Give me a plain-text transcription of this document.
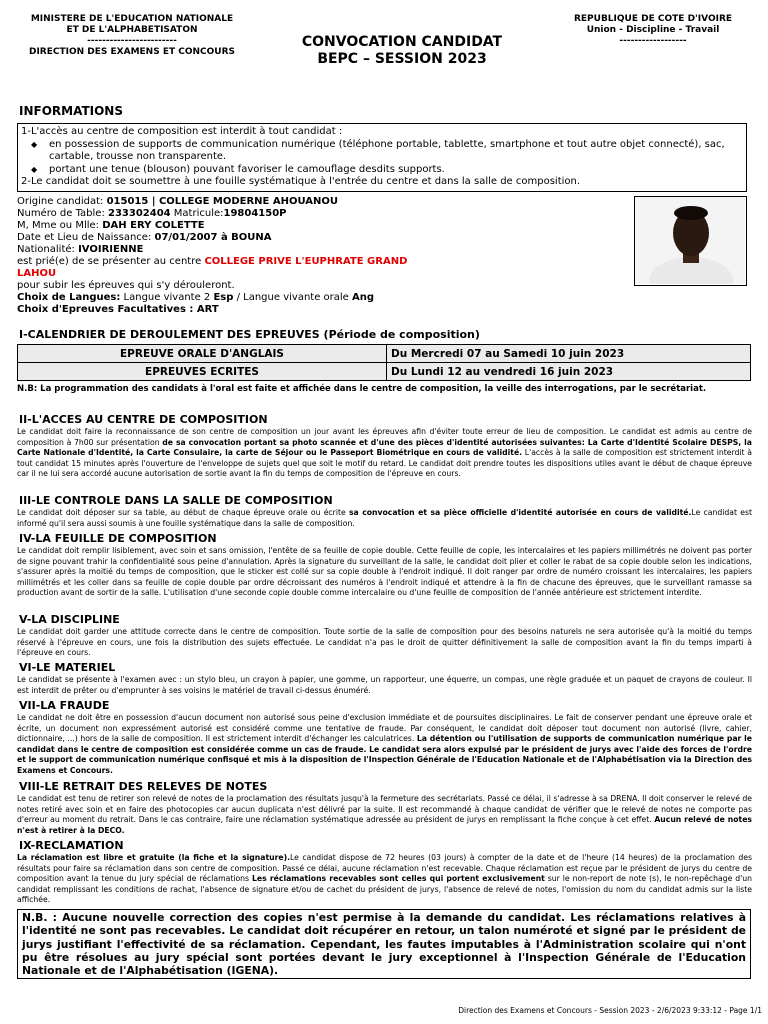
MINISTERE DE L'EDUCATION NATIONALE
ET DE L'ALPHABETISATON
------------------------
DIRECTION DES EXAMENS ET CONCOURS
CONVOCATION CANDIDAT
BEPC – SESSION 2023
REPUBLIQUE DE COTE D'IVOIRE
Union - Discipline - Travail
------------------
INFORMATIONS
1-L'accès au centre de composition est interdit à tout candidat :
◆ en possession de supports de communication numérique (téléphone portable, tablette, smartphone et tout autre objet connecté), sac, cartable, trousse non transparente.
◆ portant une tenue (blouson) pouvant favoriser le camouflage desdits supports.
2-Le candidat doit se soumettre à une fouille systématique à l'entrée du centre et dans la salle de composition.
Origine candidat: 015015 | COLLEGE MODERNE AHOUANOU
Numéro de Table: 233302404 Matricule:19804150P
M, Mme ou Mlle: DAH ERY COLETTE
Date et Lieu de Naissance: 07/01/2007 à BOUNA
Nationalité: IVOIRIENNE
est prié(e) de se présenter au centre COLLEGE PRIVE L'EUPHRATE GRAND LAHOU
pour subir les épreuves qui s'y dérouleront.
Choix de Langues: Langue vivante 2 Esp / Langue vivante orale Ang
Choix d'Epreuves Facultatives : ART
I-CALENDRIER DE DEROULEMENT DES EPREUVES (Période de composition)
EPREUVE ORALE D'ANGLAIS	Du Mercredi 07 au Samedi 10 juin 2023
EPREUVES ECRITES	Du Lundi 12 au vendredi 16 juin 2023
N.B: La programmation des candidats à l'oral est faite et affichée dans le centre de composition, la veille des interrogations, par le secrétariat.
II-L'ACCES AU CENTRE DE COMPOSITION
Le candidat doit faire la reconnaissance de son centre de composition un jour avant les épreuves afin d'éviter toute erreur de lieu de composition. Le candidat est admis au centre de composition à 7h00 sur présentation de sa convocation portant sa photo scannée et d'une des pièces d'identité autorisées suivantes: La Carte d'Identité Scolaire DESPS, la Carte Nationale d'Identité, la Carte Consulaire, la carte de Séjour ou le Passeport Biométrique en cours de validité. L'accès à la salle de composition est strictement interdit à tout candidat 15 minutes après l'ouverture de l'enveloppe de sujets quel que soit le motif du retard. Le candidat doit prendre toutes les dispositions utiles avant le début de chaque épreuve car il ne lui sera accordé aucune autorisation de sortie avant la fin du temps de composition de l'épreuve en cours.
III-LE CONTROLE DANS LA SALLE DE COMPOSITION
Le candidat doit déposer sur sa table, au début de chaque épreuve orale ou écrite sa convocation et sa pièce officielle d'identité autorisée en cours de validité.Le candidat est informé qu'il sera aussi soumis à une fouille systématique dans la salle de composition.
IV-LA FEUILLE DE COMPOSITION
Le candidat doit remplir lisiblement, avec soin et sans omission, l'entête de sa feuille de copie double. Cette feuille de copie, les intercalaires et les papiers millimétrés ne doivent pas porter de signe pouvant trahir la confidentialité sous peine d'annulation. Après la signature du surveillant de la salle, le candidat doit plier et coller le rabat de sa copie double selon les indications, s'assurer après la moitié du temps de composition, que le sticker est collé sur sa copie double à l'endroit indiqué. Il doit ranger par ordre de numéro croissant les intercalaires, les papiers millimétrés et les coller dans sa feuille de copie double par ordre décroissant des numéros à l'endroit indiqué et attendre à la fin de chacune des épreuves, que le surveillant ramasse sa production avant de sortir de la salle. L'utilisation d'une seconde copie double comme intercalaire ou d'une feuille de composition de l'année antérieure est strictement interdite.
V-LA DISCIPLINE
Le candidat doit garder une attitude correcte dans le centre de composition. Toute sortie de la salle de composition pour des besoins naturels ne sera autorisée qu'à la moitié du temps réservé à l'épreuve en cours, une fois la distribution des sujets effectuée. Le candidat n'a pas le droit de quitter définitivement la salle de composition avant la fin du temps imparti à l'épreuve en cours.
VI-LE MATERIEL
Le candidat se présente à l'examen avec : un stylo bleu, un crayon à papier, une gomme, un rapporteur, une équerre, un compas, une règle graduée et un paquet de crayons de couleur. Il est interdit de prêter ou d'emprunter à ses voisins le matériel de travail ci-dessus énuméré.
VII-LA FRAUDE
Le candidat ne doit être en possession d'aucun document non autorisé sous peine d'exclusion immédiate et de poursuites disciplinaires. Le fait de conserver pendant une épreuve orale et écrite, un document non expressément autorisé est considéré comme une tentative de fraude. Par conséquent, le candidat doit déposer tout document non autorisé (livre, cahier, dictionnaire, ...) hors de la salle de composition. Il est strictement interdit d'échanger les calculatrices. La détention ou l'utilisation de supports de communication numérique par le candidat dans le centre de composition est considérée comme un cas de fraude. Le candidat sera alors expulsé par le président de jurys avec l'aide des forces de l'ordre et le support de communication numérique confisqué et mis à la disposition de l'Inspection Générale de l'Education Nationale et de l'Alphabétisation via la Direction des Examens et Concours.
VIII-LE RETRAIT DES RELEVES DE NOTES
Le candidat est tenu de retirer son relevé de notes de la proclamation des résultats jusqu'à la fermeture des secrétariats. Passé ce délai, il s'adresse à sa DRENA. Il doit conserver le relevé de notes retiré avec soin et en faire des photocopies car aucun duplicata n'est délivré par la suite. Il est recommandé à chaque candidat de vérifier que le relevé de notes ne comporte pas d'erreur au moment du retrait. Dans le cas contraire, faire une réclamation systématique adressée au président de jurys en remplissant la fiche conçue à cet effet. Aucun relevé de notes n'est à retirer à la DECO.
IX-RECLAMATION
La réclamation est libre et gratuite (la fiche et la signature).Le candidat dispose de 72 heures (03 jours) à compter de la date et de l'heure (14 heures) de la proclamation des résultats pour faire sa réclamation dans son centre de composition. Passé ce délai, aucune réclamation n'est recevable. Chaque réclamation est reçue par le président de jurys du centre de composition avant la tenue du jury spécial de réclamations Les réclamations recevables sont celles qui portent exclusivement sur le non-report de note (s), le non-repêchage d'un candidat remplissant les conditions de rachat, l'absence de signature et/ou de cachet du président de jurys, l'absence de relevé de notes, l'omission du nom du candidat admis sur la liste affichée.
N.B. : Aucune nouvelle correction des copies n'est permise à la demande du candidat. Les réclamations relatives à l'identité ne sont pas recevables. Le candidat doit récupérer en retour, un talon numéroté et signé par le président de jurys justifiant l'effectivité de sa réclamation. Cependant, les fautes imputables à l'Administration scolaire qui n'ont pu être résolues au jury spécial sont portées devant le jury exceptionnel à l'Inspection Générale de l'Education Nationale et de l'Alphabétisation (IGENA).
Direction des Examens et Concours - Session 2023 - 2/6/2023 9:33:12 - Page 1/1
